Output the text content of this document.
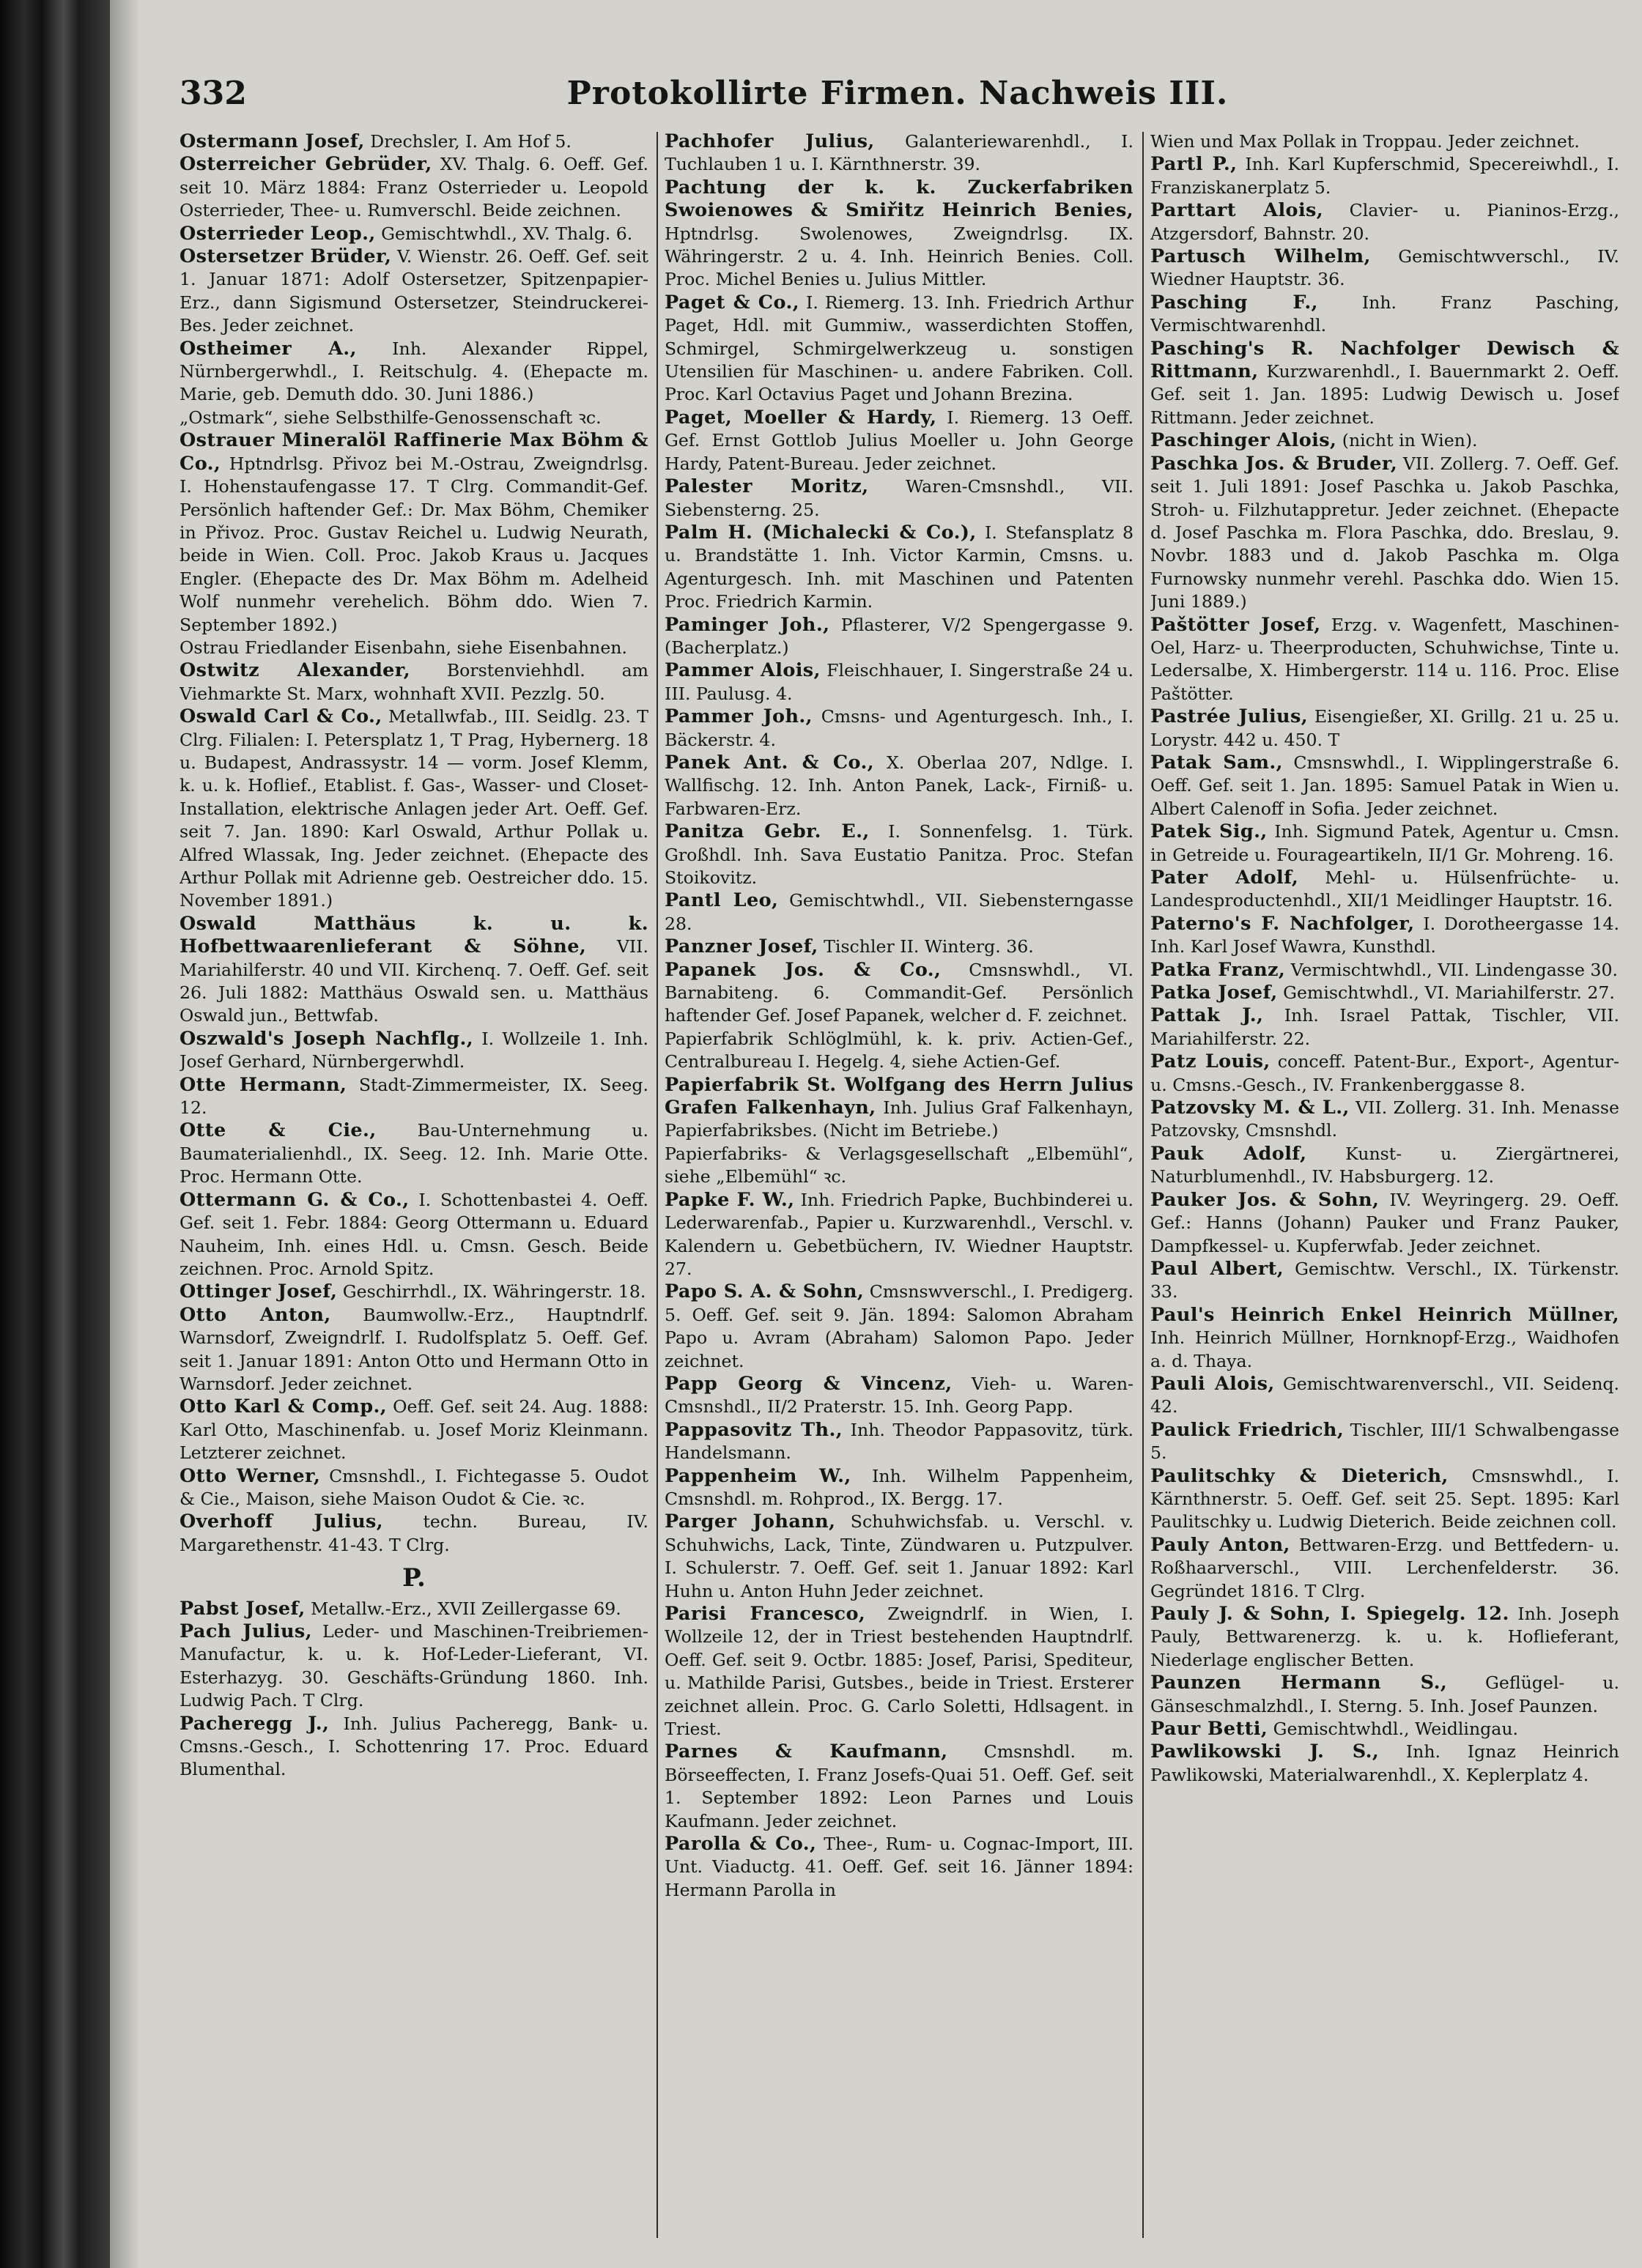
332	Protokollirte Firmen. Nachweis III.

Ostermann Josef, Drechsler, I. Am Hof 5.

Osterreicher Gebrüder, XV. Thalg. 6. Oeff. Gef. seit 10. März 1884: Franz Osterrieder u. Leopold Osterrieder, Thee- u. Rumverschl. Beide zeichnen.

Osterrieder Leop., Gemischtwhdl., XV. Thalg. 6.

Ostersetzer Brüder, V. Wienstr. 26. Oeff. Gef. seit 1. Januar 1871: Adolf Ostersetzer, Spitzenpapier-Erz., dann Sigismund Ostersetzer, Steindruckerei-Bes. Jeder zeichnet.

Ostheimer A., Inh. Alexander Rippel, Nürnbergerwhdl., I. Reitschulg. 4. (Ehepacte m. Marie, geb. Demuth ddo. 30. Juni 1886.)

„Ostmark“, siehe Selbsthilfe-Genossenschaft ꝛc.

Ostrauer Mineralöl Raffinerie Max Böhm & Co., Hptndrlsg. Přivoz bei M.-Ostrau, Zweigndrlsg. I. Hohenstaufengasse 17. T Clrg. Commandit-Gef. Persönlich haftender Gef.: Dr. Max Böhm, Chemiker in Přivoz. Proc. Gustav Reichel u. Ludwig Neurath, beide in Wien. Coll. Proc. Jakob Kraus u. Jacques Engler. (Ehepacte des Dr. Max Böhm m. Adelheid Wolf nunmehr verehelich. Böhm ddo. Wien 7. September 1892.)

Ostrau Friedlander Eisenbahn, siehe Eisenbahnen.

Ostwitz Alexander, Borstenviehhdl. am Viehmarkte St. Marx, wohnhaft XVII. Pezzlg. 50.

Oswald Carl & Co., Metallwfab., III. Seidlg. 23. T Clrg. Filialen: I. Petersplatz 1, T Prag, Hybernerg. 18 u. Budapest, Andrassystr. 14 — vorm. Josef Klemm, k. u. k. Hoflief., Etablist. f. Gas-, Wasser- und Closet-Installation, elektrische Anlagen jeder Art. Oeff. Gef. seit 7. Jan. 1890: Karl Oswald, Arthur Pollak u. Alfred Wlassak, Ing. Jeder zeichnet. (Ehepacte des Arthur Pollak mit Adrienne geb. Oestreicher ddo. 15. November 1891.)

Oswald Matthäus k. u. k. Hofbettwaarenlieferant & Söhne, VII. Mariahilferstr. 40 und VII. Kirchenq. 7. Oeff. Gef. seit 26. Juli 1882: Matthäus Oswald sen. u. Matthäus Oswald jun., Bettwfab.

Oszwald's Joseph Nachflg., I. Wollzeile 1. Inh. Josef Gerhard, Nürnbergerwhdl.

Otte Hermann, Stadt-Zimmermeister, IX. Seeg. 12.

Otte & Cie., Bau-Unternehmung u. Baumaterialienhdl., IX. Seeg. 12. Inh. Marie Otte. Proc. Hermann Otte.

Ottermann G. & Co., I. Schottenbastei 4. Oeff. Gef. seit 1. Febr. 1884: Georg Ottermann u. Eduard Nauheim, Inh. eines Hdl. u. Cmsn. Gesch. Beide zeichnen. Proc. Arnold Spitz.

Ottinger Josef, Geschirrhdl., IX. Währingerstr. 18.

Otto Anton, Baumwollw.-Erz., Hauptndrlf. Warnsdorf, Zweigndrlf. I. Rudolfsplatz 5. Oeff. Gef. seit 1. Januar 1891: Anton Otto und Hermann Otto in Warnsdorf. Jeder zeichnet.

Otto Karl & Comp., Oeff. Gef. seit 24. Aug. 1888: Karl Otto, Maschinenfab. u. Josef Moriz Kleinmann. Letzterer zeichnet.

Otto Werner, Cmsnshdl., I. Fichtegasse 5. Oudot & Cie., Maison, siehe Maison Oudot & Cie. ꝛc.

Overhoff Julius, techn. Bureau, IV. Margarethenstr. 41-43. T Clrg.

P.

Pabst Josef, Metallw.-Erz., XVII Zeillergasse 69.

Pach Julius, Leder- und Maschinen-Treibriemen-Manufactur, k. u. k. Hof-Leder-Lieferant, VI. Esterhazyg. 30. Geschäfts-Gründung 1860. Inh. Ludwig Pach. T Clrg.

Pacheregg J., Inh. Julius Pacheregg, Bank- u. Cmsns.-Gesch., I. Schottenring 17. Proc. Eduard Blumenthal.

Pachhofer Julius, Galanteriewarenhdl., I. Tuchlauben 1 u. I. Kärnthnerstr. 39.

Pachtung der k. k. Zuckerfabriken Swoienowes & Smiřitz Heinrich Benies, Hptndrlsg. Swolenowes, Zweigndrlsg. IX. Währingerstr. 2 u. 4. Inh. Heinrich Benies. Coll. Proc. Michel Benies u. Julius Mittler.

Paget & Co., I. Riemerg. 13. Inh. Friedrich Arthur Paget, Hdl. mit Gummiw., wasserdichten Stoffen, Schmirgel, Schmirgelwerkzeug u. sonstigen Utensilien für Maschinen- u. andere Fabriken. Coll. Proc. Karl Octavius Paget und Johann Brezina.

Paget, Moeller & Hardy, I. Riemerg. 13 Oeff. Gef. Ernst Gottlob Julius Moeller u. John George Hardy, Patent-Bureau. Jeder zeichnet.

Palester Moritz, Waren-Cmsnshdl., VII. Siebensterng. 25.

Palm H. (Michalecki & Co.), I. Stefansplatz 8 u. Brandstätte 1. Inh. Victor Karmin, Cmsns. u. Agenturgesch. Inh. mit Maschinen und Patenten Proc. Friedrich Karmin.

Paminger Joh., Pflasterer, V/2 Spengergasse 9. (Bacherplatz.)

Pammer Alois, Fleischhauer, I. Singerstraße 24 u. III. Paulusg. 4.

Pammer Joh., Cmsns- und Agenturgesch. Inh., I. Bäckerstr. 4.

Panek Ant. & Co., X. Oberlaa 207, Ndlge. I. Wallfischg. 12. Inh. Anton Panek, Lack-, Firniß- u. Farbwaren-Erz.

Panitza Gebr. E., I. Sonnenfelsg. 1. Türk. Großhdl. Inh. Sava Eustatio Panitza. Proc. Stefan Stoikovitz.

Pantl Leo, Gemischtwhdl., VII. Siebensterngasse 28.

Panzner Josef, Tischler II. Winterg. 36.

Papanek Jos. & Co., Cmsnswhdl., VI. Barnabiteng. 6. Commandit-Gef. Persönlich haftender Gef. Josef Papanek, welcher d. F. zeichnet.

Papierfabrik Schlöglmühl, k. k. priv. Actien-Gef., Centralbureau I. Hegelg. 4, siehe Actien-Gef.

Papierfabrik St. Wolfgang des Herrn Julius Grafen Falkenhayn, Inh. Julius Graf Falkenhayn, Papierfabriksbes. (Nicht im Betriebe.)

Papierfabriks- & Verlagsgesellschaft „Elbemühl“, siehe „Elbemühl“ ꝛc.

Papke F. W., Inh. Friedrich Papke, Buchbinderei u. Lederwarenfab., Papier u. Kurzwarenhdl., Verschl. v. Kalendern u. Gebetbüchern, IV. Wiedner Hauptstr. 27.

Papo S. A. & Sohn, Cmsnswverschl., I. Predigerg. 5. Oeff. Gef. seit 9. Jän. 1894: Salomon Abraham Papo u. Avram (Abraham) Salomon Papo. Jeder zeichnet.

Papp Georg & Vincenz, Vieh- u. Waren-Cmsnshdl., II/2 Praterstr. 15. Inh. Georg Papp.

Pappasovitz Th., Inh. Theodor Pappasovitz, türk. Handelsmann.

Pappenheim W., Inh. Wilhelm Pappenheim, Cmsnshdl. m. Rohprod., IX. Bergg. 17.

Parger Johann, Schuhwichsfab. u. Verschl. v. Schuhwichs, Lack, Tinte, Zündwaren u. Putzpulver. I. Schulerstr. 7. Oeff. Gef. seit 1. Januar 1892: Karl Huhn u. Anton Huhn Jeder zeichnet.

Parisi Francesco, Zweigndrlf. in Wien, I. Wollzeile 12, der in Triest bestehenden Hauptndrlf. Oeff. Gef. seit 9. Octbr. 1885: Josef, Parisi, Spediteur, u. Mathilde Parisi, Gutsbes., beide in Triest. Ersterer zeichnet allein. Proc. G. Carlo Soletti, Hdlsagent. in Triest.

Parnes & Kaufmann, Cmsnshdl. m. Börseeffecten, I. Franz Josefs-Quai 51. Oeff. Gef. seit 1. September 1892: Leon Parnes und Louis Kaufmann. Jeder zeichnet.

Parolla & Co., Thee-, Rum- u. Cognac-Import, III. Unt. Viaductg. 41. Oeff. Gef. seit 16. Jänner 1894: Hermann Parolla in

Wien und Max Pollak in Troppau. Jeder zeichnet.

Partl P., Inh. Karl Kupferschmid, Specereiwhdl., I. Franziskanerplatz 5.

Parttart Alois, Clavier- u. Pianinos-Erzg., Atzgersdorf, Bahnstr. 20.

Partusch Wilhelm, Gemischtwverschl., IV. Wiedner Hauptstr. 36.

Pasching F., Inh. Franz Pasching, Vermischtwarenhdl.

Pasching's R. Nachfolger Dewisch & Rittmann, Kurzwarenhdl., I. Bauernmarkt 2. Oeff. Gef. seit 1. Jan. 1895: Ludwig Dewisch u. Josef Rittmann. Jeder zeichnet.

Paschinger Alois, (nicht in Wien).

Paschka Jos. & Bruder, VII. Zollerg. 7. Oeff. Gef. seit 1. Juli 1891: Josef Paschka u. Jakob Paschka, Stroh- u. Filzhutappretur. Jeder zeichnet. (Ehepacte d. Josef Paschka m. Flora Paschka, ddo. Breslau, 9. Novbr. 1883 und d. Jakob Paschka m. Olga Furnowsky nunmehr verehl. Paschka ddo. Wien 15. Juni 1889.)

Paštötter Josef, Erzg. v. Wagenfett, Maschinen-Oel, Harz- u. Theerproducten, Schuhwichse, Tinte u. Ledersalbe, X. Himbergerstr. 114 u. 116. Proc. Elise Paštötter.

Pastrée Julius, Eisengießer, XI. Grillg. 21 u. 25 u. Lorystr. 442 u. 450. T

Patak Sam., Cmsnswhdl., I. Wipplingerstraße 6. Oeff. Gef. seit 1. Jan. 1895: Samuel Patak in Wien u. Albert Calenoff in Sofia. Jeder zeichnet.

Patek Sig., Inh. Sigmund Patek, Agentur u. Cmsn. in Getreide u. Fourageartikeln, II/1 Gr. Mohreng. 16.

Pater Adolf, Mehl- u. Hülsenfrüchte- u. Landesproductenhdl., XII/1 Meidlinger Hauptstr. 16.

Paterno's F. Nachfolger, I. Dorotheergasse 14. Inh. Karl Josef Wawra, Kunsthdl.

Patka Franz, Vermischtwhdl., VII. Lindengasse 30.

Patka Josef, Gemischtwhdl., VI. Mariahilferstr. 27.

Pattak J., Inh. Israel Pattak, Tischler, VII. Mariahilferstr. 22.

Patz Louis, conceff. Patent-Bur., Export-, Agentur- u. Cmsns.-Gesch., IV. Frankenberggasse 8.

Patzovsky M. & L., VII. Zollerg. 31. Inh. Menasse Patzovsky, Cmsnshdl.

Pauk Adolf, Kunst- u. Ziergärtnerei, Naturblumenhdl., IV. Habsburgerg. 12.

Pauker Jos. & Sohn, IV. Weyringerg. 29. Oeff. Gef.: Hanns (Johann) Pauker und Franz Pauker, Dampfkessel- u. Kupferwfab. Jeder zeichnet.

Paul Albert, Gemischtw. Verschl., IX. Türkenstr. 33.

Paul's Heinrich Enkel Heinrich Müllner, Inh. Heinrich Müllner, Hornknopf-Erzg., Waidhofen a. d. Thaya.

Pauli Alois, Gemischtwarenverschl., VII. Seidenq. 42.

Paulick Friedrich, Tischler, III/1 Schwalbengasse 5.

Paulitschky & Dieterich, Cmsnswhdl., I. Kärnthnerstr. 5. Oeff. Gef. seit 25. Sept. 1895: Karl Paulitschky u. Ludwig Dieterich. Beide zeichnen coll.

Pauly Anton, Bettwaren-Erzg. und Bettfedern- u. Roßhaarverschl., VIII. Lerchenfelderstr. 36. Gegründet 1816. T Clrg.

Pauly J. & Sohn, I. Spiegelg. 12. Inh. Joseph Pauly, Bettwarenerzg. k. u. k. Hoflieferant, Niederlage englischer Betten.

Paunzen Hermann S., Geflügel- u. Gänseschmalzhdl., I. Sterng. 5. Inh. Josef Paunzen.

Paur Betti, Gemischtwhdl., Weidlingau.

Pawlikowski J. S., Inh. Ignaz Heinrich Pawlikowski, Materialwarenhdl., X. Keplerplatz 4.
